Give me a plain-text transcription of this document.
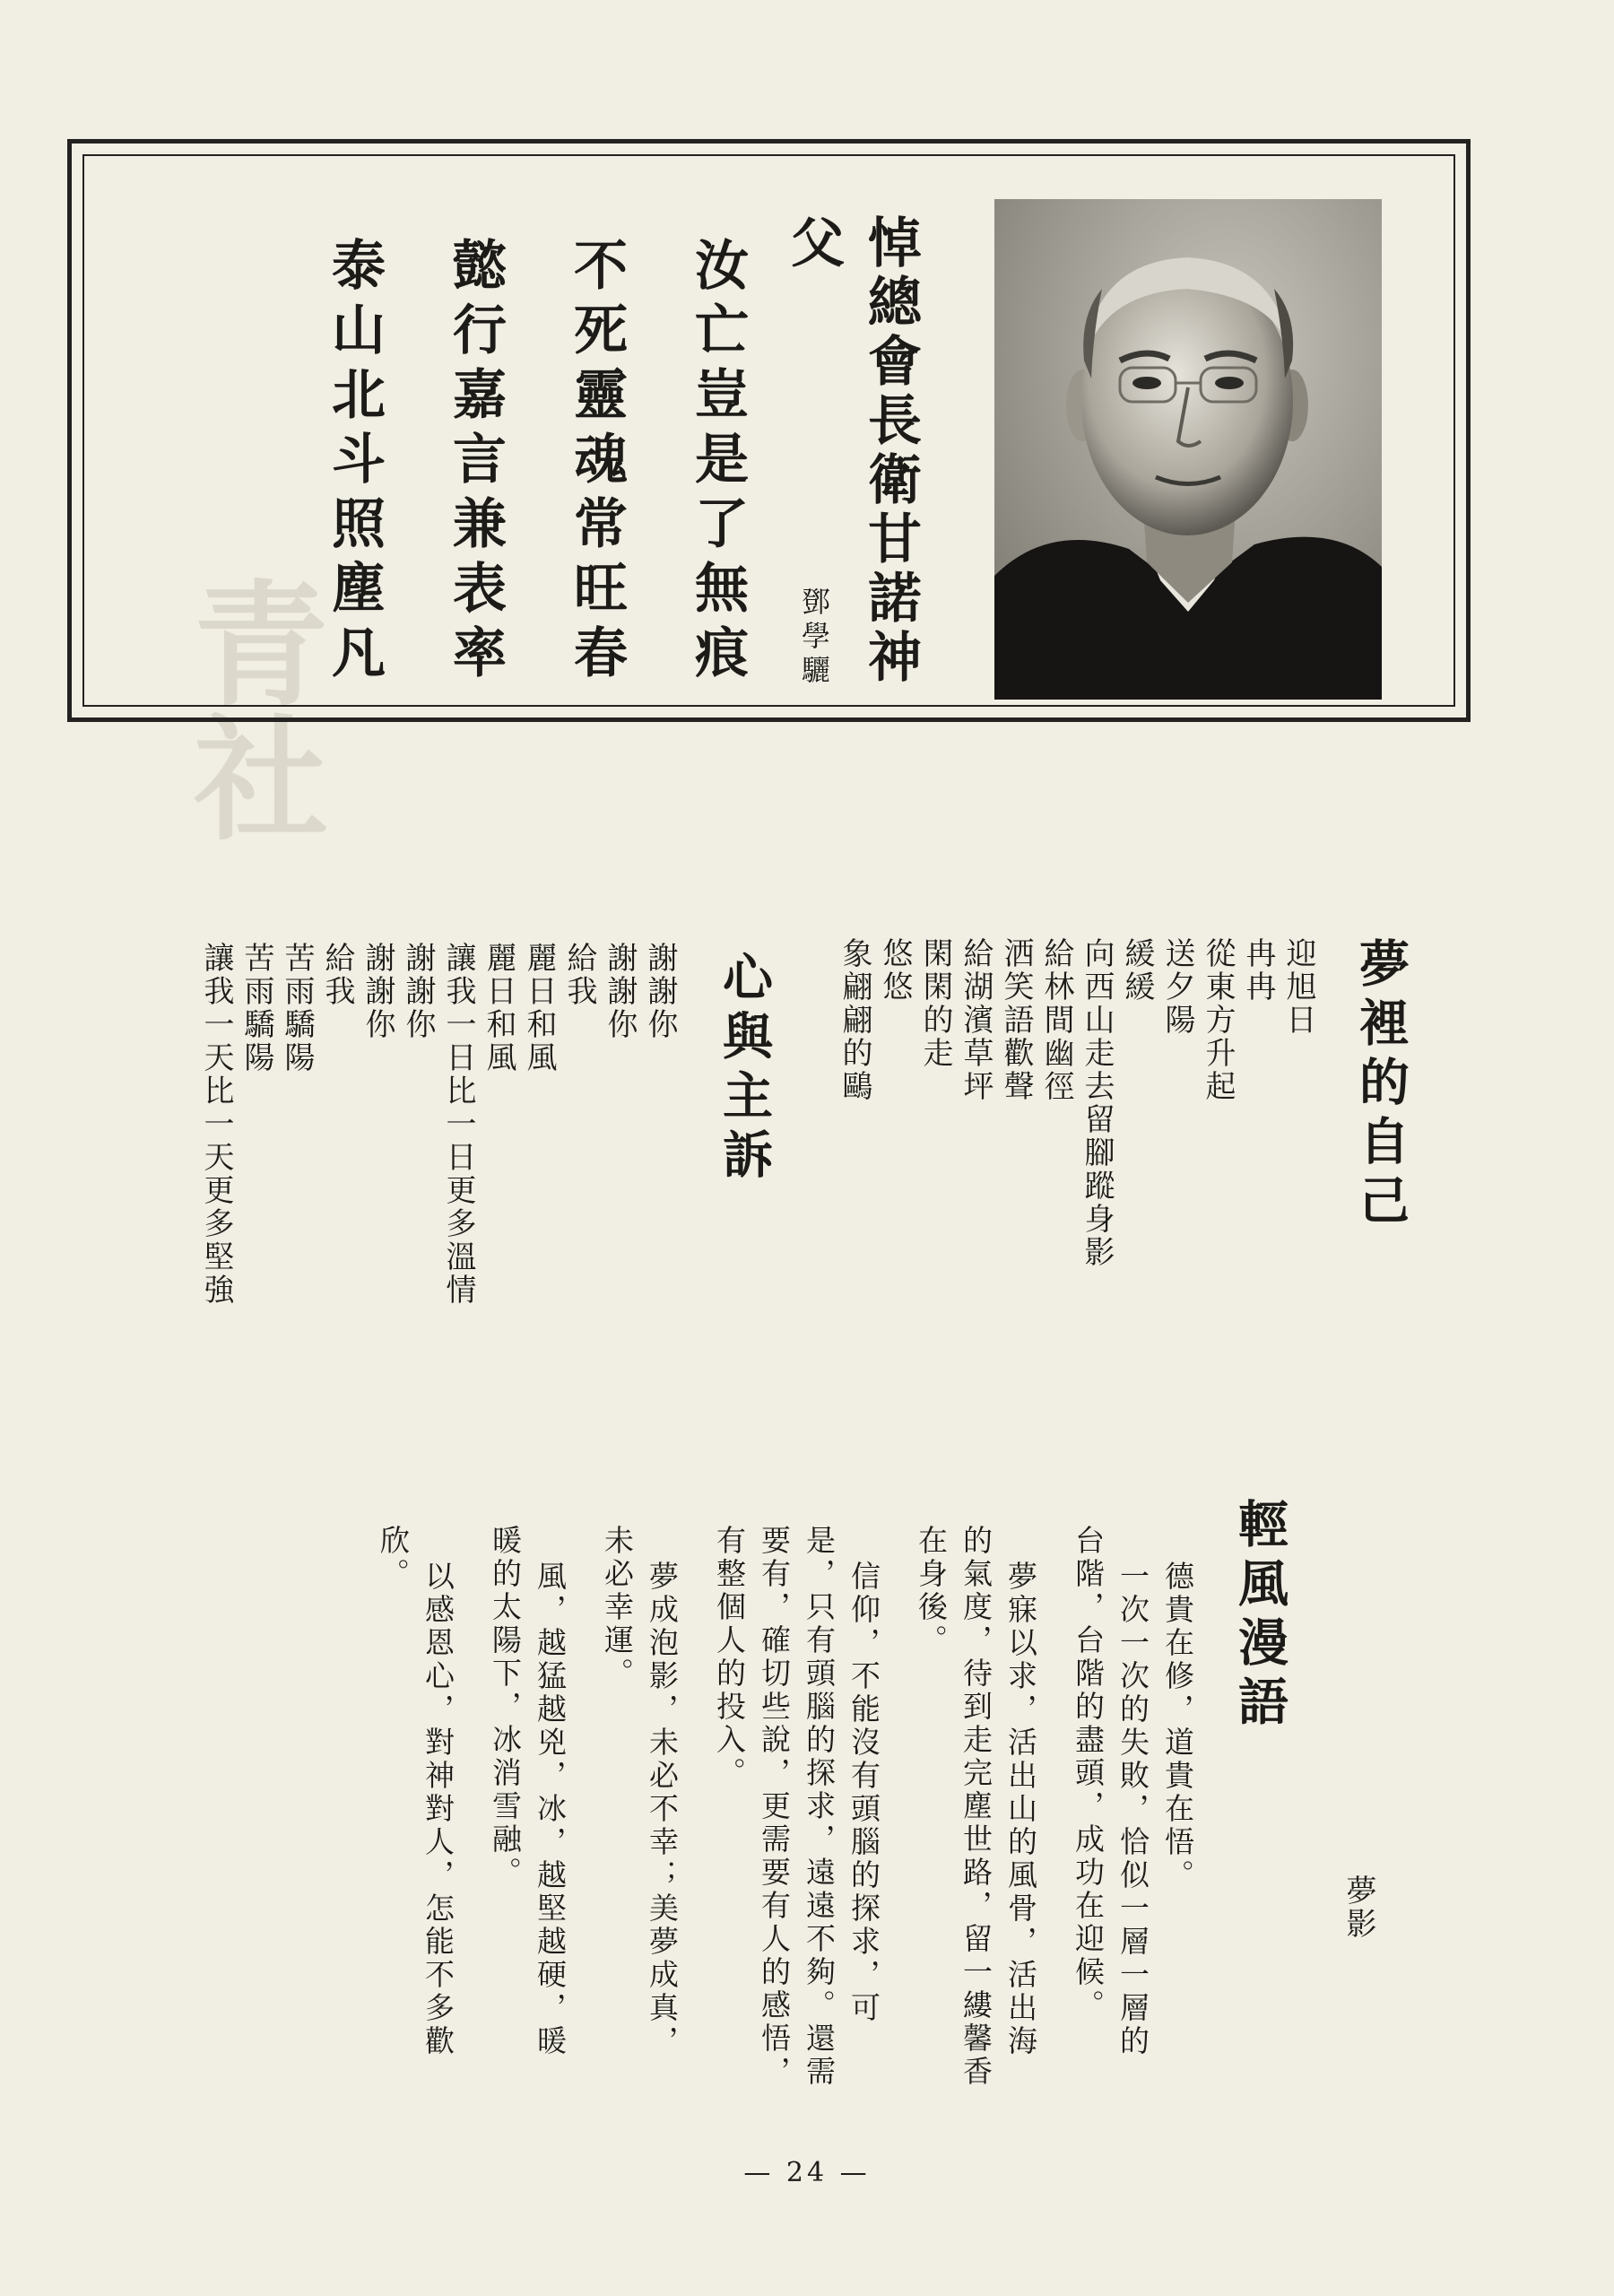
青社
悼總會長衛甘諾神父
鄧學驪
汝亡豈是了無痕
不死靈魂常旺春
懿行嘉言兼表率
泰山北斗照塵凡
夢裡的自己
迎旭日
冉冉
從東方升起
送夕陽
緩緩
向西山走去留腳蹤身影
給林間幽徑
洒笑語歡聲
給湖濱草坪
閑閑的走
悠悠
象翩翩的鷗
心與主訴
謝謝你
謝謝你
給我
麗日和風
麗日和風
讓我一日比一日更多溫情
謝謝你
謝謝你
給我
苦雨驕陽
苦雨驕陽
讓我一天比一天更多堅強
輕風漫語
夢影
德貴在修，道貴在悟。
一次一次的失敗，恰似一層一層的
台階，台階的盡頭，成功在迎候。
夢寐以求，活出山的風骨，活出海
的氣度，待到走完塵世路，留一縷馨香
在身後。
信仰，不能沒有頭腦的探求，可
是，只有頭腦的探求，遠遠不夠。還需
要有，確切些說，更需要有人的感悟，
有整個人的投入。
夢成泡影，未必不幸；美夢成真，
未必幸運。
風，越猛越兇，冰，越堅越硬，暖
暖的太陽下，冰消雪融。
以感恩心，對神對人，怎能不多歡
欣。
— 24 —
